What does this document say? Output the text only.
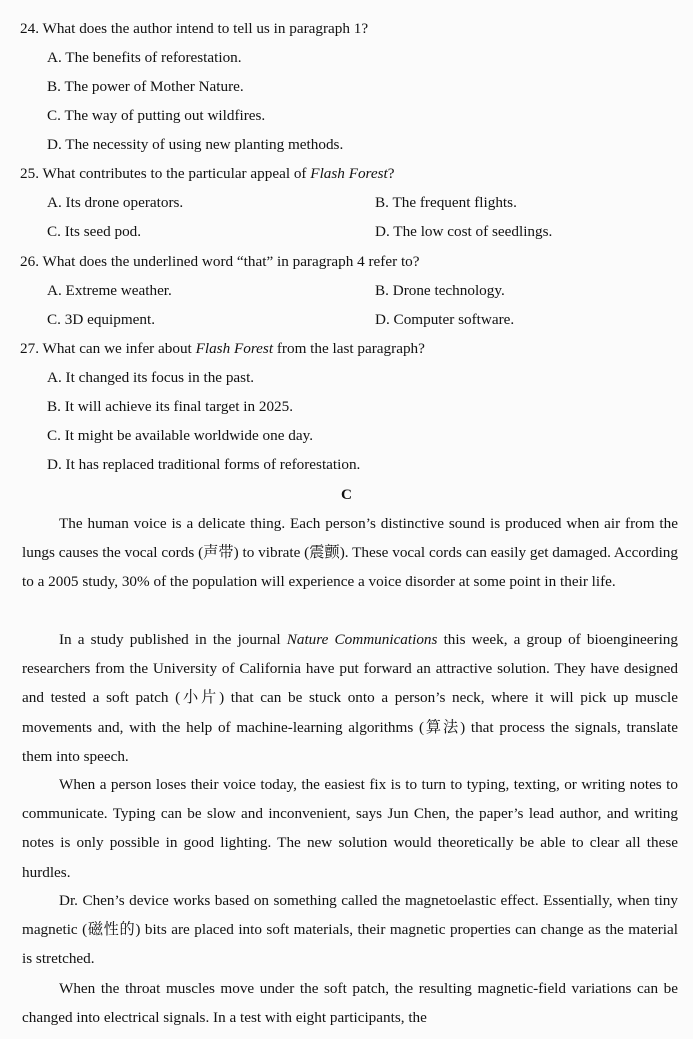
24. What does the author intend to tell us in paragraph 1?
A. The benefits of reforestation.
B. The power of Mother Nature.
C. The way of putting out wildfires.
D. The necessity of using new planting methods.
25. What contributes to the particular appeal of Flash Forest?
A. Its drone operators.	B. The frequent flights.
C. Its seed pod.	D. The low cost of seedlings.
26. What does the underlined word “that” in paragraph 4 refer to?
A. Extreme weather.	B. Drone technology.
C. 3D equipment.	D. Computer software.
27. What can we infer about Flash Forest from the last paragraph?
A. It changed its focus in the past.
B. It will achieve its final target in 2025.
C. It might be available worldwide one day.
D. It has replaced traditional forms of reforestation.
C
The human voice is a delicate thing. Each person’s distinctive sound is produced when air from the lungs causes the vocal cords (声带) to vibrate (震颤). These vocal cords can easily get damaged. According to a 2005 study, 30% of the population will experience a voice disorder at some point in their life.
In a study published in the journal Nature Communications this week, a group of bioengineering researchers from the University of California have put forward an attractive solution. They have designed and tested a soft patch (小片) that can be stuck onto a person’s neck, where it will pick up muscle movements and, with the help of machine-learning algorithms (算法) that process the signals, translate them into speech.
When a person loses their voice today, the easiest fix is to turn to typing, texting, or writing notes to communicate. Typing can be slow and inconvenient, says Jun Chen, the paper’s lead author, and writing notes is only possible in good lighting. The new solution would theoretically be able to clear all these hurdles.
Dr. Chen’s device works based on something called the magnetoelastic effect. Essentially, when tiny magnetic (磁性的) bits are placed into soft materials, their magnetic properties can change as the material is stretched.
When the throat muscles move under the soft patch, the resulting magnetic-field variations can be changed into electrical signals. In a test with eight participants, the
